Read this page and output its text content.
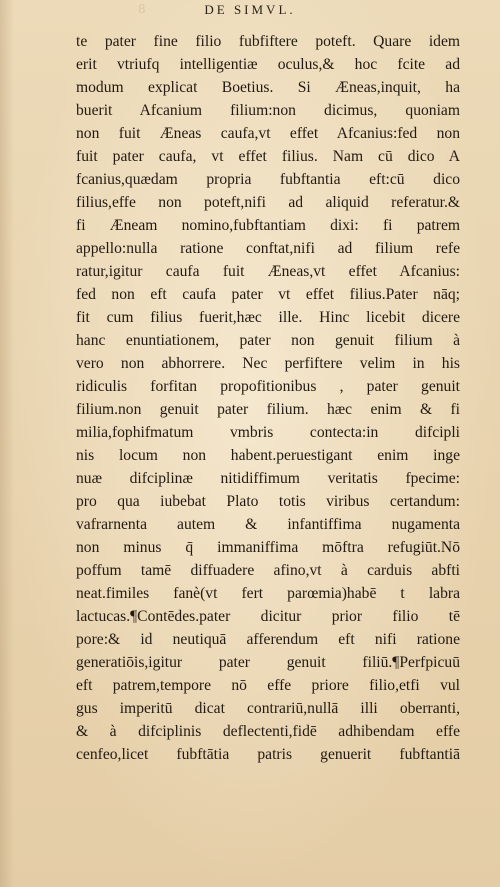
8	DE SIMVL.
te pater fine filio fubfiftere poteft. Quare idem
erit vtriufq intelligentiæ oculus,& hoc fcite ad
modum explicat Boetius. Si Æneas,inquit, ha
buerit Afcanium filium:non dicimus, quoniam
non fuit Æneas caufa,vt effet Afcanius:fed non
fuit pater caufa, vt effet filius. Nam cū dico A
fcanius,quædam propria fubftantia eft:cū dico
filius,effe non poteft,nifi ad aliquid referatur.&
fi Æneam nomino,fubftantiam dixi: fi patrem
appello:nulla ratione conftat,nifi ad filium refe
ratur,igitur caufa fuit Æneas,vt effet Afcanius:
fed non eft caufa pater vt effet filius.Pater nāq;
fit cum filius fuerit,hæc ille. Hinc licebit dicere
hanc enuntiationem, pater non genuit filium à
vero non abhorrere. Nec perfiftere velim in his
ridiculis forfitan propofitionibus , pater genuit
filium.non genuit pater filium. hæc enim & fi
milia,fophifmatum vmbris contecta:in difcipli
nis locum non habent.peruestigant enim inge
nuæ difciplinæ nitidiffimum veritatis fpecime:
pro qua iubebat Plato totis viribus certandum:
vafrarnenta autem & infantiffima nugamenta
non minus q̄ immaniffima mōftra refugiūt.Nō
poffum tamē diffuadere afino,vt à carduis abfti
neat.fimiles fanè(vt fert parœmia)habē t labra
lactucas.¶Contēdes.pater dicitur prior filio tē
pore:& id neutiquā afferendum eft nifi ratione
generatiōis,igitur pater genuit filiū.¶Perfpicuū
eft patrem,tempore nō effe priore filio,etfi vul
gus imperitū dicat contrariū,nullā illi oberranti,
& à difciplinis deflectenti,fidē adhibendam effe
cenfeo,licet fubftātia patris genuerit fubftantiā
